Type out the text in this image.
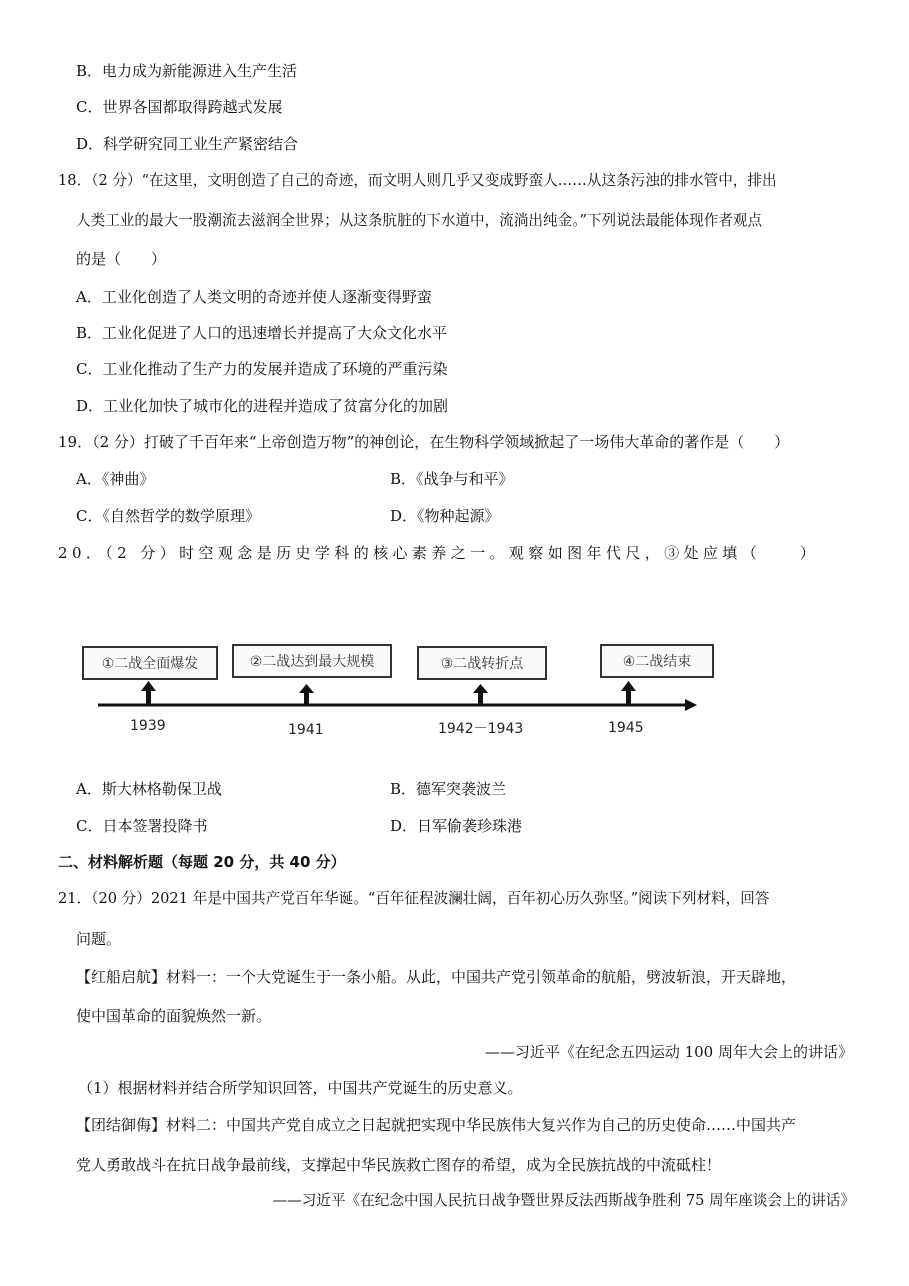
B．电力成为新能源进入生产生活
C．世界各国都取得跨越式发展
D．科学研究同工业生产紧密结合
18．（2 分）“在这里，文明创造了自己的奇迹，而文明人则几乎又变成野蛮人……从这条污浊的排水管中，排出
人类工业的最大一股潮流去滋润全世界；从这条肮脏的下水道中，流淌出纯金。”下列说法最能体现作者观点
的是（　　）
A．工业化创造了人类文明的奇迹并使人逐渐变得野蛮
B．工业化促进了人口的迅速增长并提高了大众文化水平
C．工业化推动了生产力的发展并造成了环境的严重污染
D．工业化加快了城市化的进程并造成了贫富分化的加剧
19．（2 分）打破了千百年来“上帝创造万物”的神创论，在生物科学领域掀起了一场伟大革命的著作是（　　）
A．《神曲》	B．《战争与和平》
C．《自然哲学的数学原理》	D．《物种起源》
20．（2 分）时空观念是历史学科的核心素养之一。观察如图年代尺，③处应填（　　）
①二战全面爆发	②二战达到最大规模	③二战转折点	④二战结束
1939	1941	1942－1943	1945
A．斯大林格勒保卫战	B．德军突袭波兰
C．日本签署投降书	D．日军偷袭珍珠港
二、材料解析题（每题 20 分，共 40 分）
21．（20 分）2021 年是中国共产党百年华诞。“百年征程波澜壮阔，百年初心历久弥坚。”阅读下列材料，回答
问题。
【红船启航】材料一：一个大党诞生于一条小船。从此，中国共产党引领革命的航船，劈波斩浪，开天辟地，
使中国革命的面貌焕然一新。
——习近平《在纪念五四运动 100 周年大会上的讲话》
（1）根据材料并结合所学知识回答，中国共产党诞生的历史意义。
【团结御侮】材料二：中国共产党自成立之日起就把实现中华民族伟大复兴作为自己的历史使命……中国共产
党人勇敢战斗在抗日战争最前线，支撑起中华民族救亡图存的希望，成为全民族抗战的中流砥柱！
——习近平《在纪念中国人民抗日战争暨世界反法西斯战争胜利 75 周年座谈会上的讲话》
